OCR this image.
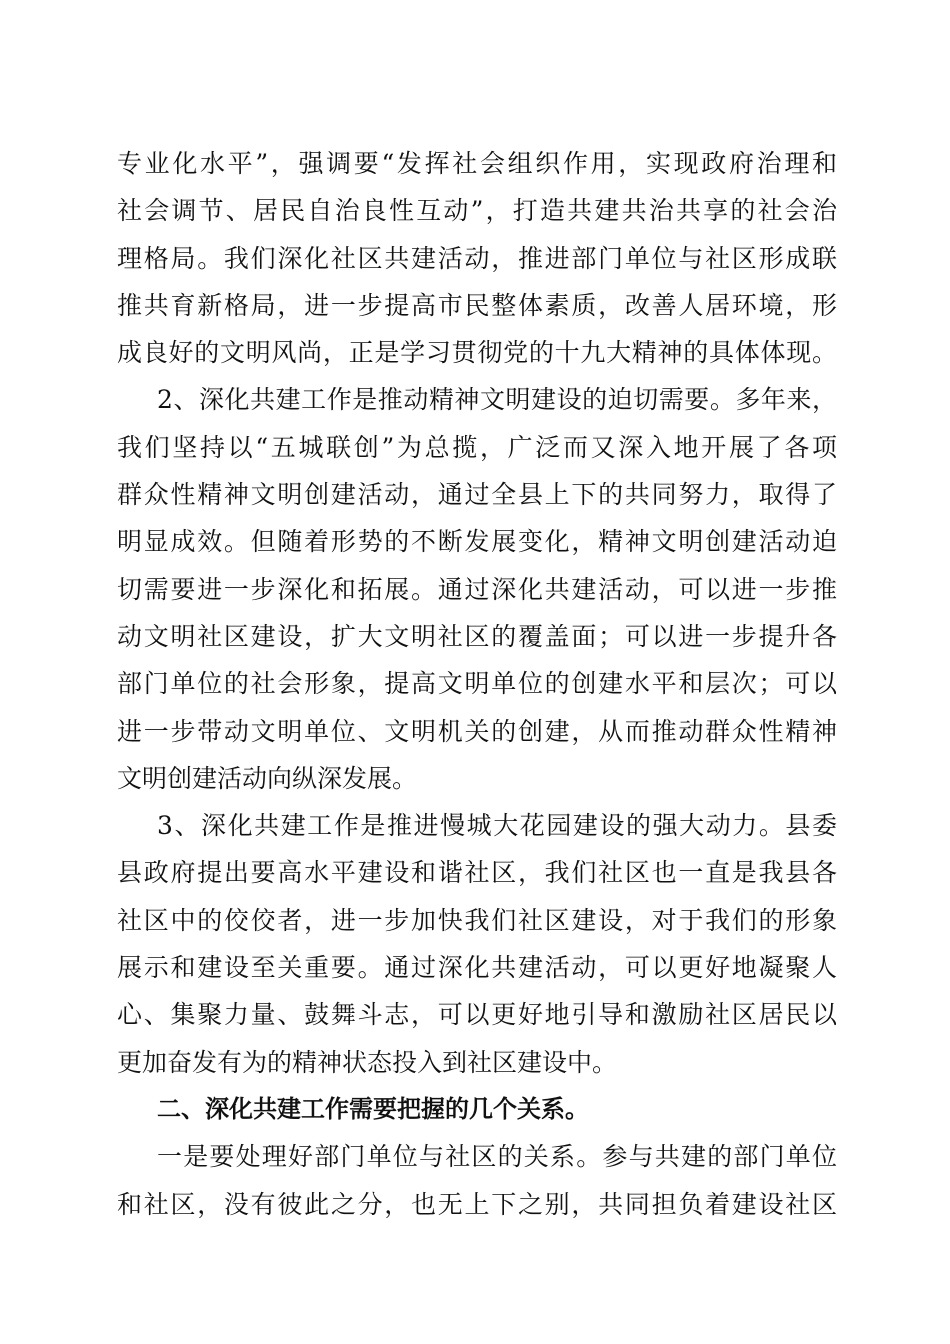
专业化水平”，强调要“发挥社会组织作用，实现政府治理和
社会调节、居民自治良性互动”，打造共建共治共享的社会治
理格局。我们深化社区共建活动，推进部门单位与社区形成联
推共育新格局，进一步提高市民整体素质，改善人居环境，形
成良好的文明风尚，正是学习贯彻党的十九大精神的具体体现。
2、深化共建工作是推动精神文明建设的迫切需要。多年来，
我们坚持以“五城联创”为总揽，广泛而又深入地开展了各项
群众性精神文明创建活动，通过全县上下的共同努力，取得了
明显成效。但随着形势的不断发展变化，精神文明创建活动迫
切需要进一步深化和拓展。通过深化共建活动，可以进一步推
动文明社区建设，扩大文明社区的覆盖面；可以进一步提升各
部门单位的社会形象，提高文明单位的创建水平和层次；可以
进一步带动文明单位、文明机关的创建，从而推动群众性精神
文明创建活动向纵深发展。
3、深化共建工作是推进慢城大花园建设的强大动力。县委
县政府提出要高水平建设和谐社区，我们社区也一直是我县各
社区中的佼佼者，进一步加快我们社区建设，对于我们的形象
展示和建设至关重要。通过深化共建活动，可以更好地凝聚人
心、集聚力量、鼓舞斗志，可以更好地引导和激励社区居民以
更加奋发有为的精神状态投入到社区建设中。
二、深化共建工作需要把握的几个关系。
一是要处理好部门单位与社区的关系。参与共建的部门单位
和社区，没有彼此之分，也无上下之别，共同担负着建设社区
